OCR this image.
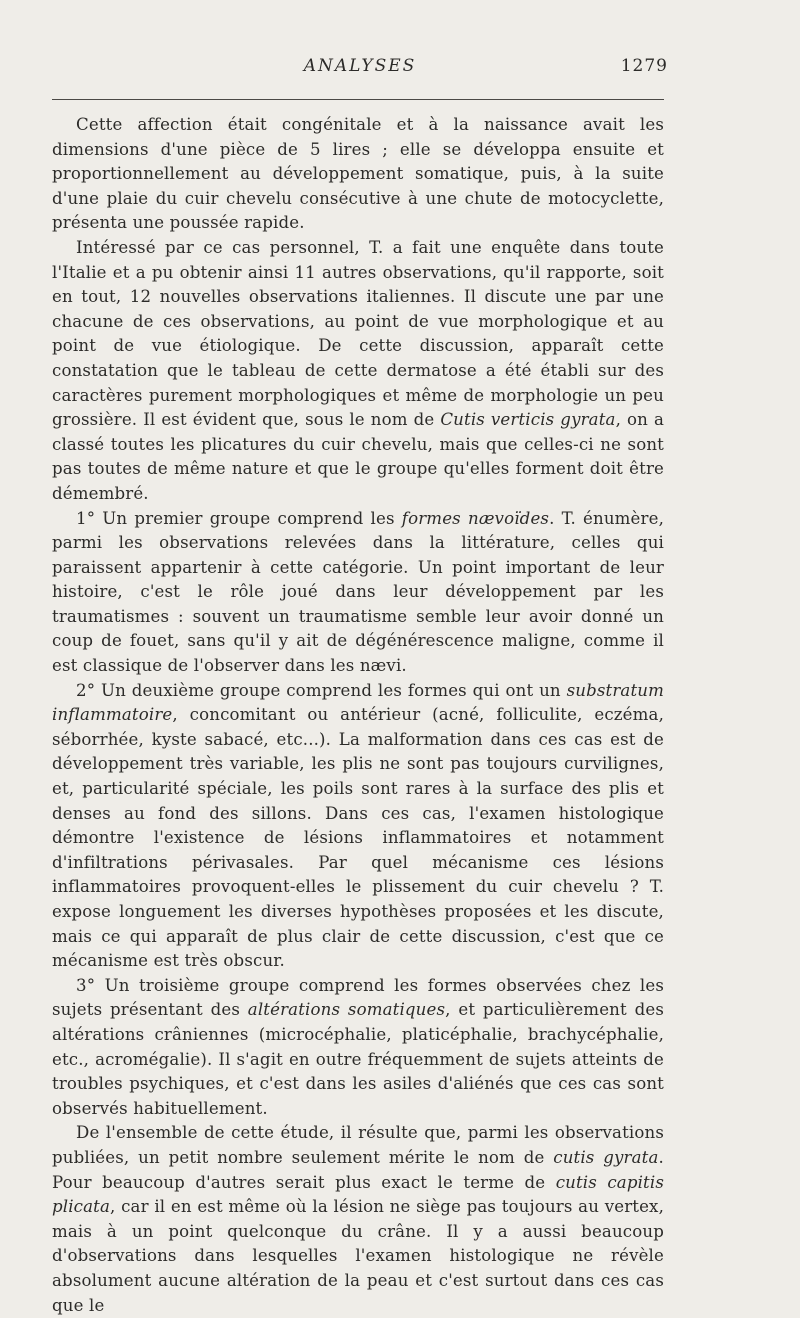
ANALYSES	1279

Cette affection était congénitale et à la naissance avait les dimensions d'une pièce de 5 lires ; elle se développa ensuite et proportionnellement au développement somatique, puis, à la suite d'une plaie du cuir chevelu consécutive à une chute de motocyclette, présenta une poussée rapide.

Intéressé par ce cas personnel, T. a fait une enquête dans toute l'Italie et a pu obtenir ainsi 11 autres observations, qu'il rapporte, soit en tout, 12 nouvelles observations italiennes. Il discute une par une chacune de ces observations, au point de vue morphologique et au point de vue étiologique. De cette discussion, apparaît cette constatation que le tableau de cette dermatose a été établi sur des caractères purement morphologiques et même de morphologie un peu grossière. Il est évident que, sous le nom de Cutis verticis gyrata, on a classé toutes les plicatures du cuir chevelu, mais que celles-ci ne sont pas toutes de même nature et que le groupe qu'elles forment doit être démembré.

1° Un premier groupe comprend les formes nævoïdes. T. énumère, parmi les observations relevées dans la littérature, celles qui paraissent appartenir à cette catégorie. Un point important de leur histoire, c'est le rôle joué dans leur développement par les traumatismes : souvent un traumatisme semble leur avoir donné un coup de fouet, sans qu'il y ait de dégénérescence maligne, comme il est classique de l'observer dans les nævi.

2° Un deuxième groupe comprend les formes qui ont un substratum inflammatoire, concomitant ou antérieur (acné, folliculite, eczéma, séborrhée, kyste sabacé, etc...). La malformation dans ces cas est de développement très variable, les plis ne sont pas toujours curvilignes, et, particularité spéciale, les poils sont rares à la surface des plis et denses au fond des sillons. Dans ces cas, l'examen histologique démontre l'existence de lésions inflammatoires et notamment d'infiltrations périvasales. Par quel mécanisme ces lésions inflammatoires provoquent-elles le plissement du cuir chevelu ? T. expose longuement les diverses hypothèses proposées et les discute, mais ce qui apparaît de plus clair de cette discussion, c'est que ce mécanisme est très obscur.

3° Un troisième groupe comprend les formes observées chez les sujets présentant des altérations somatiques, et particulièrement des altérations crâniennes (microcéphalie, platicéphalie, brachycéphalie, etc., acromégalie). Il s'agit en outre fréquemment de sujets atteints de troubles psychiques, et c'est dans les asiles d'aliénés que ces cas sont observés habituellement.

De l'ensemble de cette étude, il résulte que, parmi les observations publiées, un petit nombre seulement mérite le nom de cutis gyrata. Pour beaucoup d'autres serait plus exact le terme de cutis capitis plicata, car il en est même où la lésion ne siège pas toujours au vertex, mais à un point quelconque du crâne. Il y a aussi beaucoup d'observations dans lesquelles l'examen histologique ne révèle absolument aucune altération de la peau et c'est surtout dans ces cas que le
